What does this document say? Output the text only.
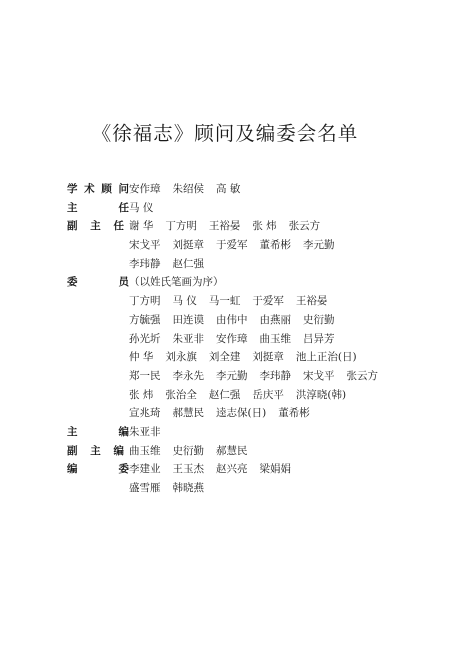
《徐福志》顾问及编委会名单
学 术 顾 问 安作璋 朱绍侯 高 敏
主	任 马 仪
副 主 任 谢 华 丁方明 王裕晏 张 炜 张云方
宋戈平 刘挺章 于爱军 董希彬 李元勤
李玮静 赵仁强
委	员 （以姓氏笔画为序）
丁方明 马 仪 马一虹 于爱军 王裕晏
方毓强 田连谟 由伟中 由燕丽 史衍勤
孙光圻 朱亚非 安作璋 曲玉维 吕异芳
仲 华 刘永旗 刘全建 刘挺章 池上正治(日)
郑一民 李永先 李元勤 李玮静 宋戈平 张云方
张 炜 张治全 赵仁强 岳庆平 洪淳晓(韩)
宣兆琦 郝慧民 逵志保(日) 董希彬
主	编 朱亚非
副 主 编 曲玉维 史衍勤 郝慧民
编	委 李建业 王玉杰 赵兴亮 梁娟娟
盛雪雁 韩晓燕
